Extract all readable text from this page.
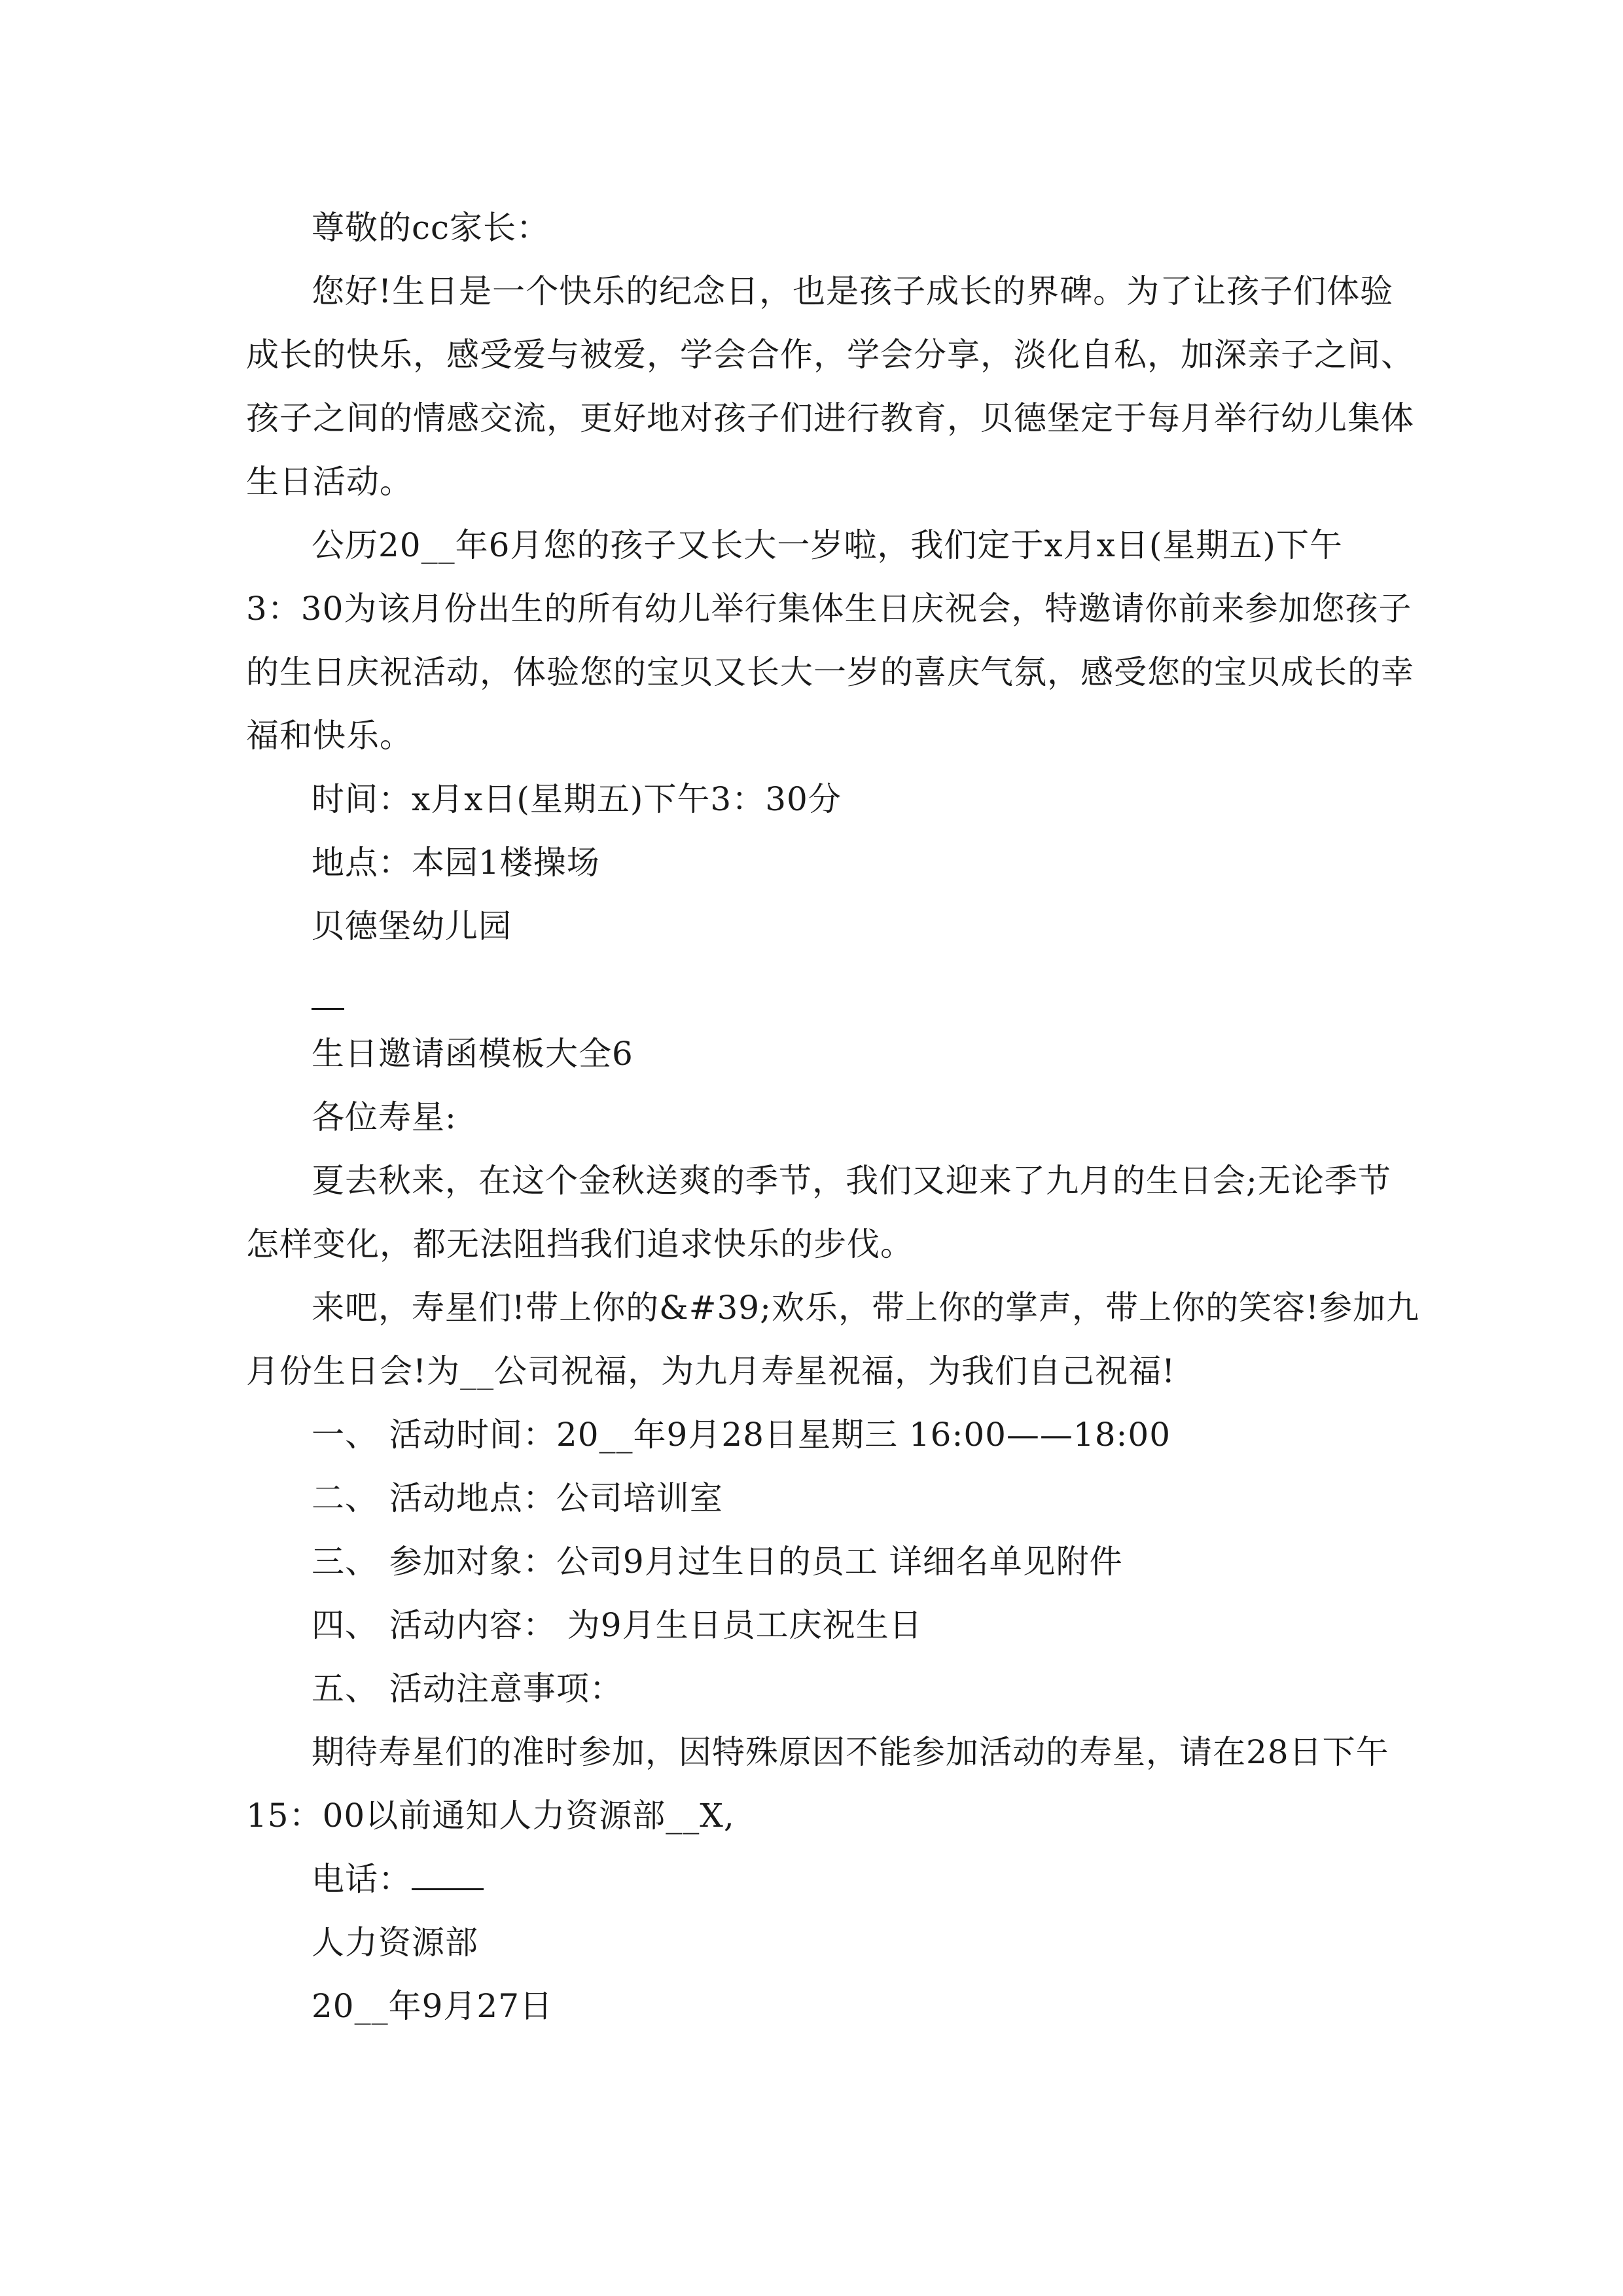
尊敬的cc家长：
您好!生日是一个快乐的纪念日，也是孩子成长的界碑。为了让孩子们体验
成长的快乐，感受爱与被爱，学会合作，学会分享，淡化自私，加深亲子之间、
孩子之间的情感交流，更好地对孩子们进行教育，贝德堡定于每月举行幼儿集体
生日活动。
公历20__年6月您的孩子又长大一岁啦，我们定于x月x日(星期五)下午
3：30为该月份出生的所有幼儿举行集体生日庆祝会，特邀请你前来参加您孩子
的生日庆祝活动，体验您的宝贝又长大一岁的喜庆气氛，感受您的宝贝成长的幸
福和快乐。
时间：x月x日(星期五)下午3：30分
地点：本园1楼操场
贝德堡幼儿园
生日邀请函模板大全6
各位寿星:
夏去秋来，在这个金秋送爽的季节，我们又迎来了九月的生日会;无论季节
怎样变化，都无法阻挡我们追求快乐的步伐。
来吧，寿星们!带上你的&#39;欢乐，带上你的掌声，带上你的笑容!参加九
月份生日会!为__公司祝福，为九月寿星祝福，为我们自己祝福!
一、 活动时间：20__年9月28日星期三 16:00——18:00
二、 活动地点：公司培训室
三、 参加对象：公司9月过生日的员工 详细名单见附件
四、 活动内容： 为9月生日员工庆祝生日
五、 活动注意事项：
期待寿星们的准时参加，因特殊原因不能参加活动的寿星，请在28日下午
15：00以前通知人力资源部__X,
电话：
人力资源部
20__年9月27日
